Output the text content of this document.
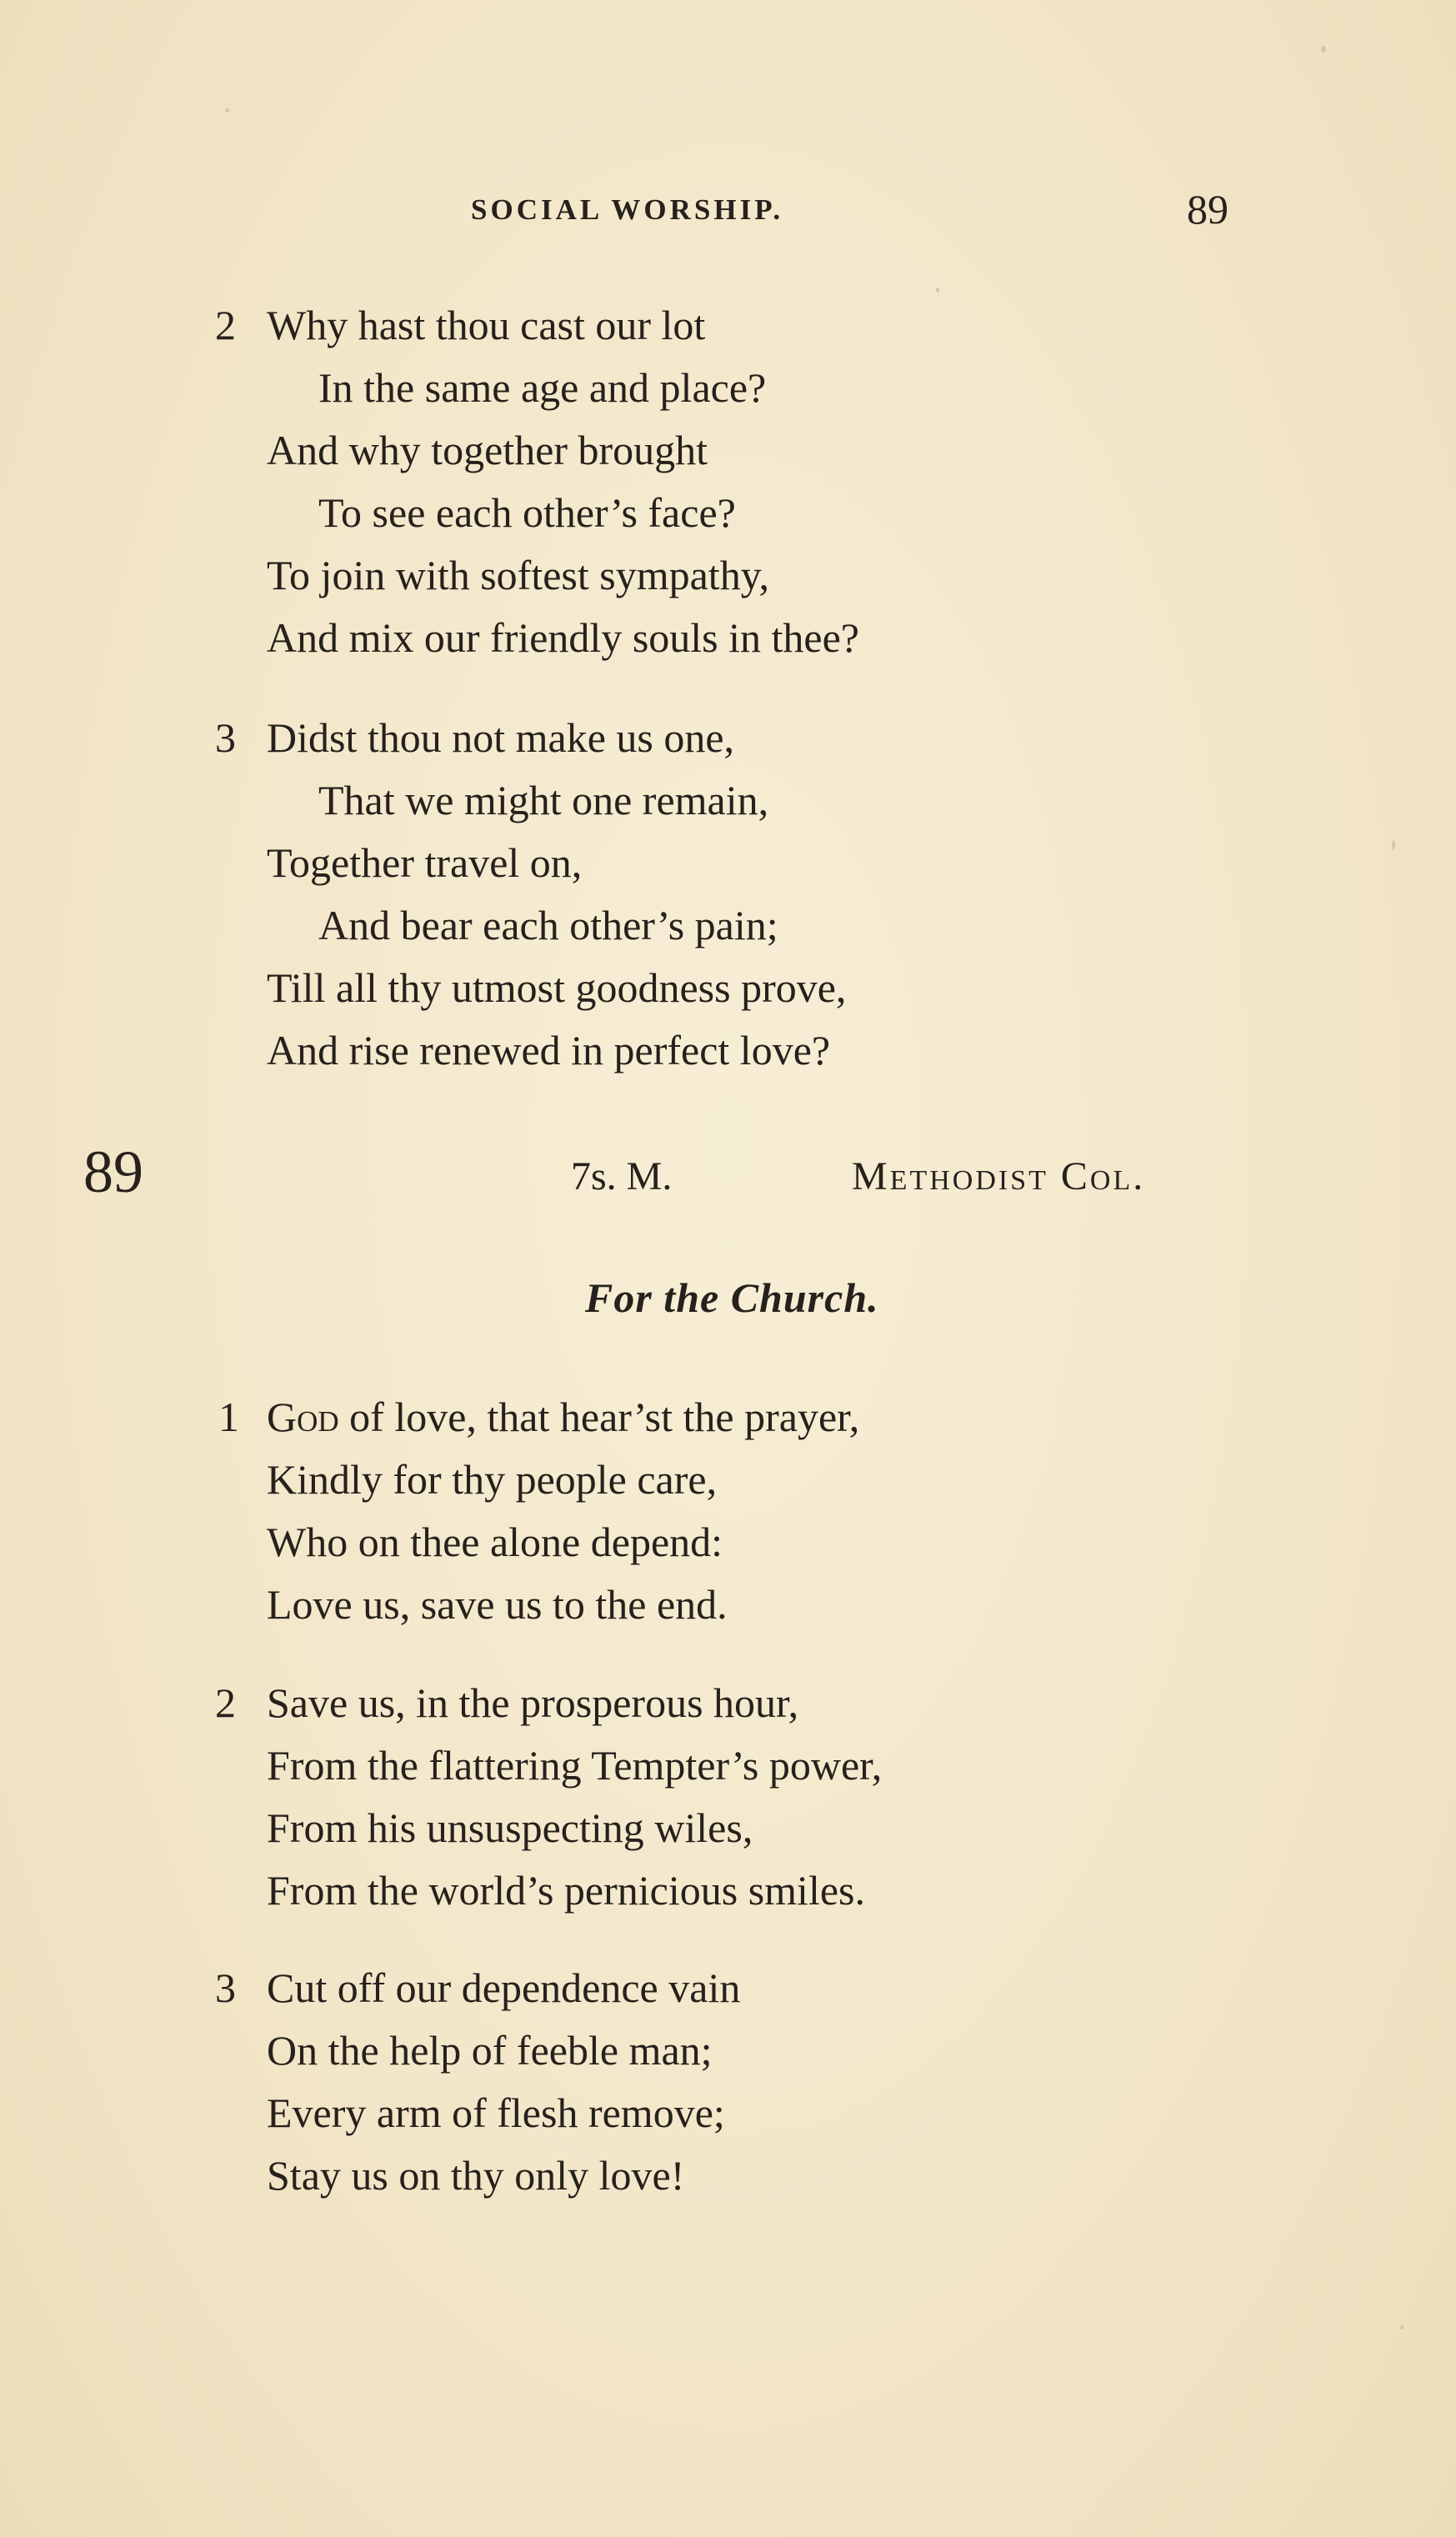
SOCIAL WORSHIP.	89
2 Why hast thou cast our lot
In the same age and place?
And why together brought
To see each other’s face?
To join with softest sympathy,
And mix our friendly souls in thee?
3 Didst thou not make us one,
That we might one remain,
Together travel on,
And bear each other’s pain;
Till all thy utmost goodness prove,
And rise renewed in perfect love?
89	7s. M.	Methodist Col.
For the Church.
1 God of love, that hear’st the prayer,
Kindly for thy people care,
Who on thee alone depend:
Love us, save us to the end.
2 Save us, in the prosperous hour,
From the flattering Tempter’s power,
From his unsuspecting wiles,
From the world’s pernicious smiles.
3 Cut off our dependence vain
On the help of feeble man;
Every arm of flesh remove;
Stay us on thy only love!
